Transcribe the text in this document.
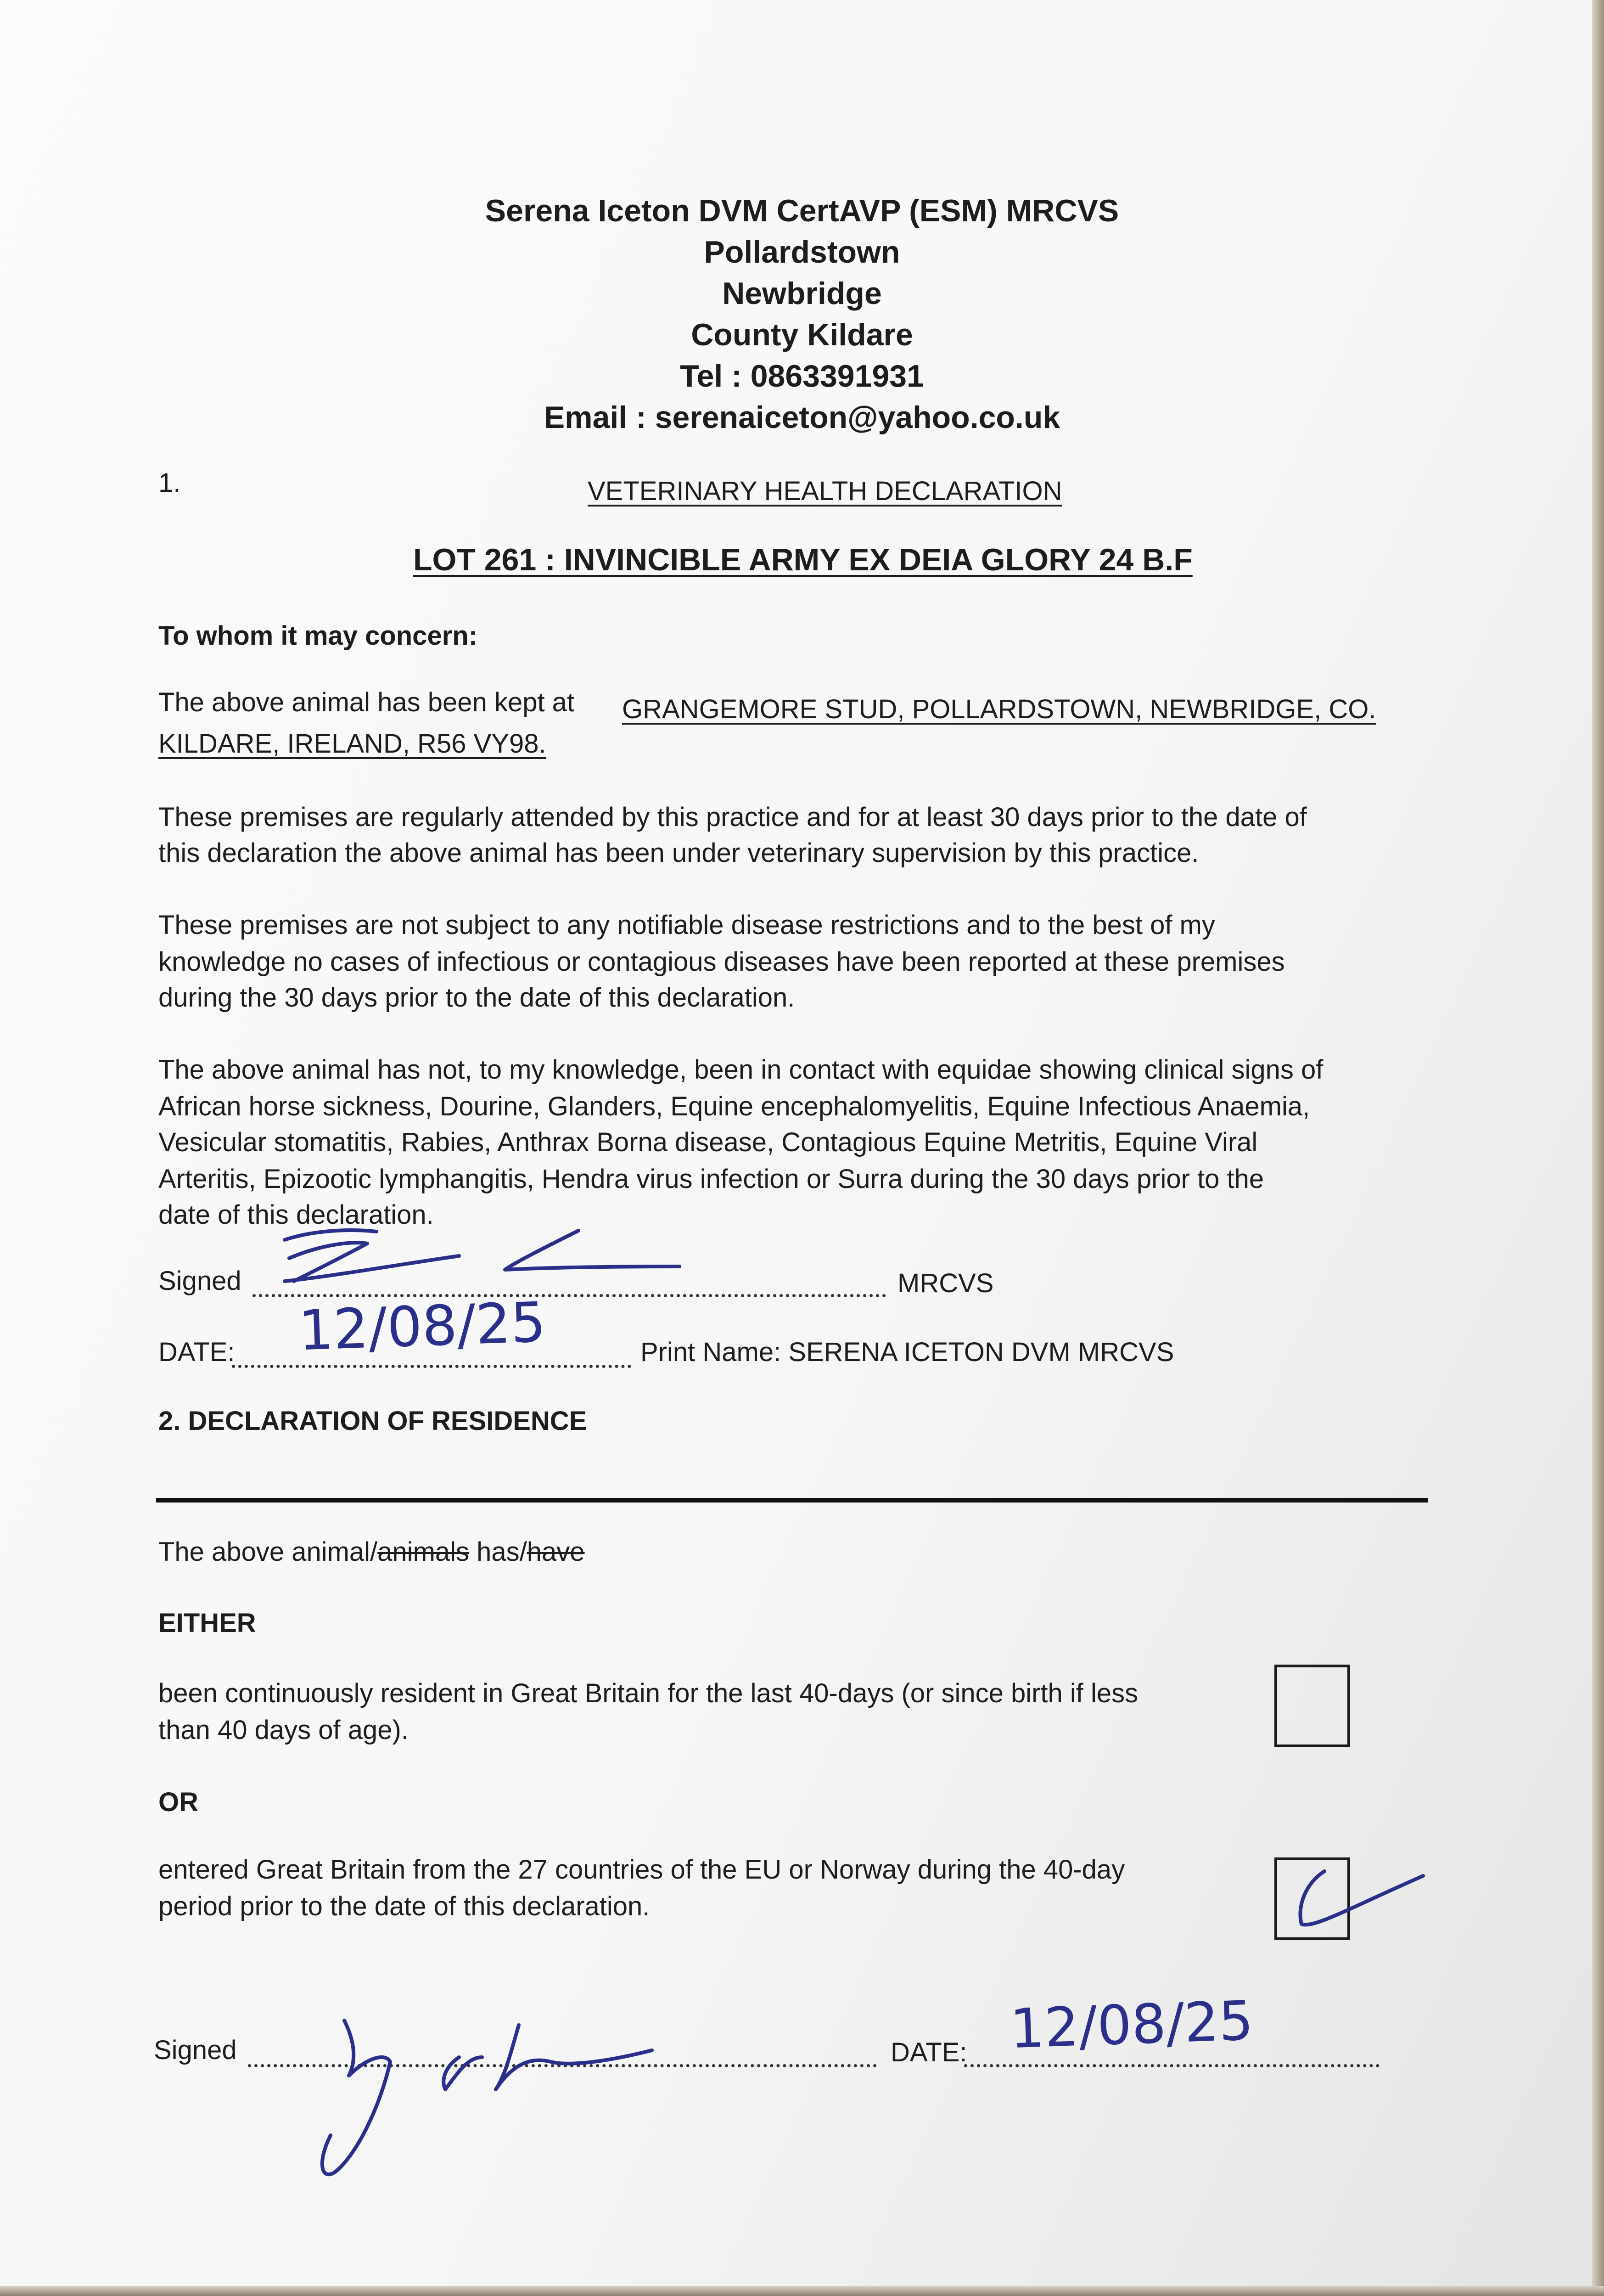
Serena Iceton DVM CertAVP (ESM) MRCVS
Pollardstown
Newbridge
County Kildare
Tel : 0863391931
Email : serenaiceton@yahoo.co.uk
1.	VETERINARY HEALTH DECLARATION
LOT 261 : INVINCIBLE ARMY EX DEIA GLORY 24 B.F
To whom it may concern:
The above animal has been kept at GRANGEMORE STUD, POLLARDSTOWN, NEWBRIDGE, CO.
KILDARE, IRELAND, R56 VY98.
These premises are regularly attended by this practice and for at least 30 days prior to the date of
this declaration the above animal has been under veterinary supervision by this practice.
These premises are not subject to any notifiable disease restrictions and to the best of my
knowledge no cases of infectious or contagious diseases have been reported at these premises
during the 30 days prior to the date of this declaration.
The above animal has not, to my knowledge, been in contact with equidae showing clinical signs of
African horse sickness, Dourine, Glanders, Equine encephalomyelitis, Equine Infectious Anaemia,
Vesicular stomatitis, Rabies, Anthrax Borna disease, Contagious Equine Metritis, Equine Viral
Arteritis, Epizootic lymphangitis, Hendra virus infection or Surra during the 30 days prior to the
date of this declaration.
Signed	MRCVS
DATE: 12/08/25	Print Name: SERENA ICETON DVM MRCVS
2. DECLARATION OF RESIDENCE
The above animal/animals has/have
EITHER
been continuously resident in Great Britain for the last 40-days (or since birth if less
than 40 days of age).
OR
entered Great Britain from the 27 countries of the EU or Norway during the 40-day
period prior to the date of this declaration.
Signed	DATE: 12/08/25
